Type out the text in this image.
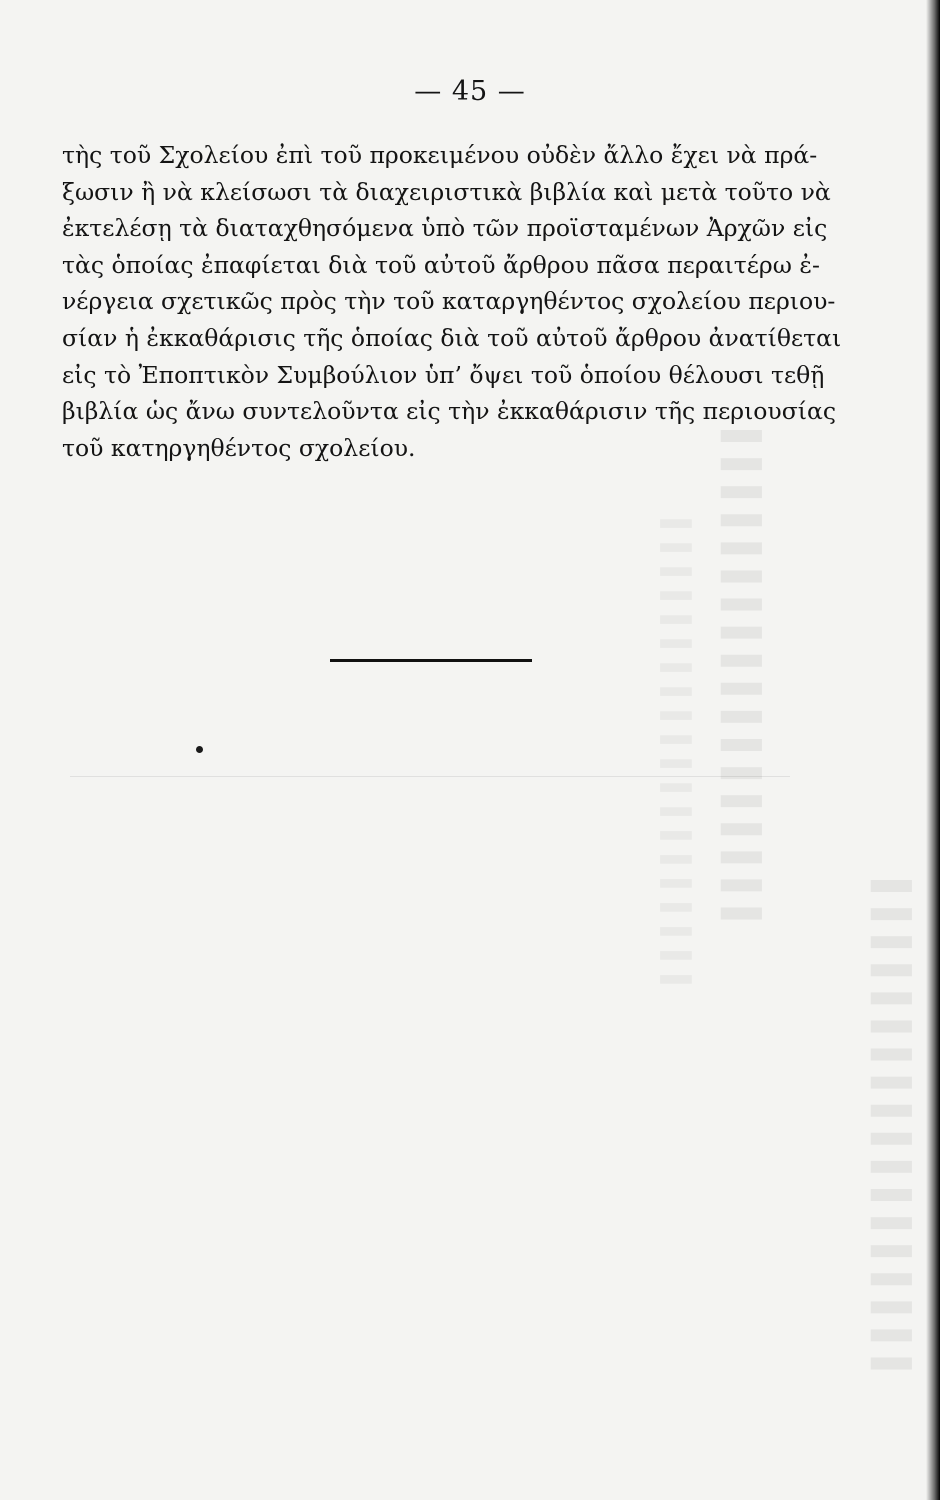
▌▌▌▌▌▌▌▌▌▌▌▌▌▌▌▌▌▌
▌▌▌▌▌▌▌▌▌▌▌▌▌▌▌▌▌▌
— 45 —
τὴς τοῦ Σχολείου ἐπὶ τοῦ προκειμένου οὐδὲν ἄλλο ἔχει νὰ πρά-
ξωσιν ἢ νὰ κλείσωσι τὰ διαχειριστικὰ βιβλία καὶ μετὰ τοῦτο νὰ
ἐκτελέσῃ τὰ διαταχθησόμενα ὑπὸ τῶν προϊσταμένων Ἀρχῶν εἰς
τὰς ὁποίας ἐπαφίεται διὰ τοῦ αὐτοῦ ἄρθρου πᾶσα περαιτέρω ἐ-
νέργεια σχετικῶς πρὸς τὴν τοῦ καταργηθέντος σχολείου περιου-
σίαν ἡ ἐκκαθάρισις τῆς ὁποίας διὰ τοῦ αὐτοῦ ἄρθρου ἀνατίθεται
εἰς τὸ Ἐποπτικὸν Συμβούλιον ὑπ’ ὄψει τοῦ ὁποίου θέλουσι τεθῇ
βιβλία ὡς ἄνω συντελοῦντα εἰς τὴν ἐκκαθάρισιν τῆς περιουσίας
τοῦ κατηργηθέντος σχολείου.
